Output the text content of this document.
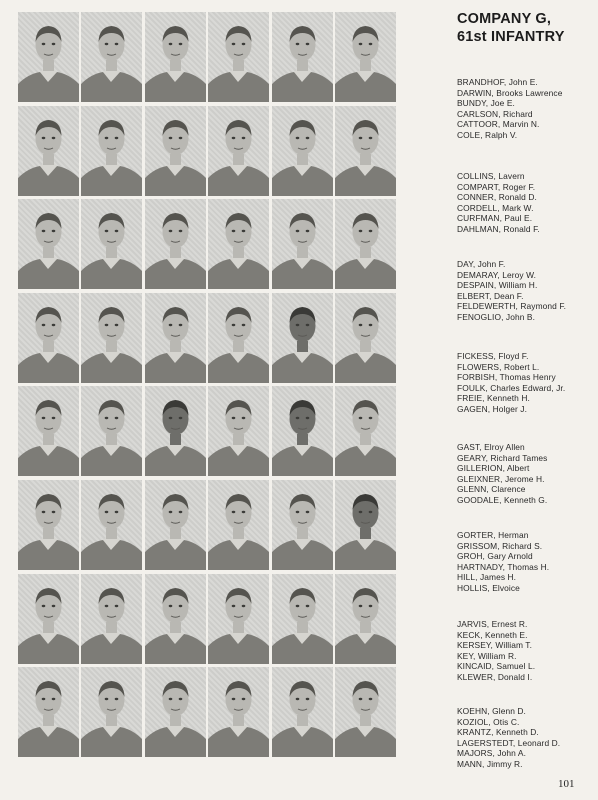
COMPANY G,
61st INFANTRY
BRANDHOF, John E.
DARWIN, Brooks Lawrence
BUNDY, Joe E.
CARLSON, Richard
CATTOOR, Marvin N.
COLE, Ralph V.
COLLINS, Lavern
COMPART, Roger F.
CONNER, Ronald D.
CORDELL, Mark W.
CURFMAN, Paul E.
DAHLMAN, Ronald F.
DAY, John F.
DEMARAY, Leroy W.
DESPAIN, William H.
ELBERT, Dean F.
FELDEWERTH, Raymond F.
FENOGLIO, John B.
FICKESS, Floyd F.
FLOWERS, Robert L.
FORBISH, Thomas Henry
FOULK, Charles Edward, Jr.
FREIE, Kenneth H.
GAGEN, Holger J.
GAST, Elroy Allen
GEARY, Richard Tames
GILLERION, Albert
GLEIXNER, Jerome H.
GLENN, Clarence
GOODALE, Kenneth G.
GORTER, Herman
GRISSOM, Richard S.
GROH, Gary Arnold
HARTNADY, Thomas H.
HILL, James H.
HOLLIS, Elvoice
JARVIS, Ernest R.
KECK, Kenneth E.
KERSEY, William T.
KEY, William R.
KINCAID, Samuel L.
KLEWER, Donald I.
KOEHN, Glenn D.
KOZIOL, Otis C.
KRANTZ, Kenneth D.
LAGERSTEDT, Leonard D.
MAJORS, John A.
MANN, Jimmy R.
101
